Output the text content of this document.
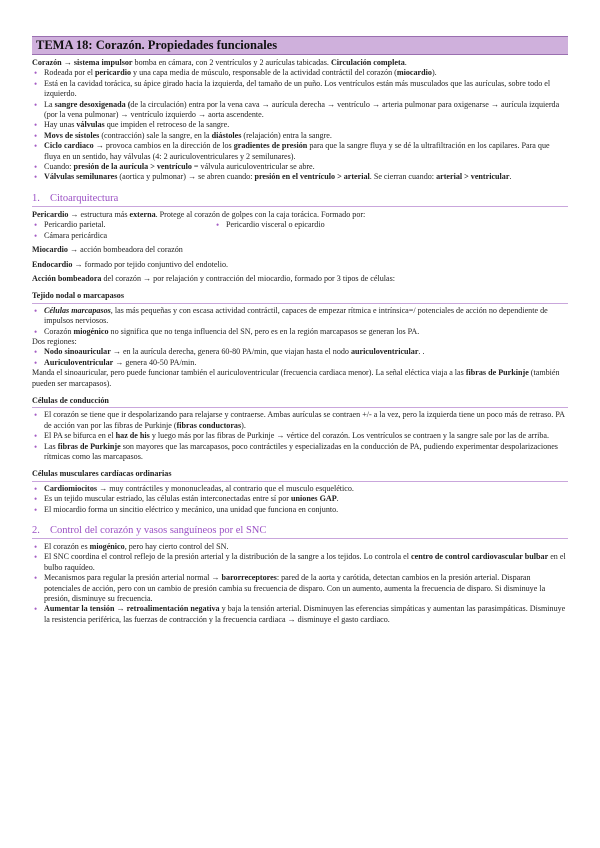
TEMA 18: Corazón. Propiedades funcionales

Corazón → sistema impulsor bomba en cámara, con 2 ventrículos y 2 aurículas tabicadas. Circulación completa.

• Rodeada por el pericardio y una capa media de músculo, responsable de la actividad contráctil del corazón (miocardio).
• Está en la cavidad torácica, su ápice girado hacia la izquierda, del tamaño de un puño. Los ventrículos están más musculados que las aurículas, sobre todo el izquierdo.
• La sangre desoxigenada (de la circulación) entra por la vena cava → aurícula derecha → ventrículo → arteria pulmonar para oxigenarse → aurícula izquierda (por la vena pulmonar) → ventrículo izquierdo → aorta ascendente.
• Hay unas válvulas que impiden el retroceso de la sangre.
• Movs de sístoles (contracción) sale la sangre, en la diástoles (relajación) entra la sangre.
• Ciclo cardiaco → provoca cambios en la dirección de los gradientes de presión para que la sangre fluya y se dé la ultrafiltración en los capilares. Para que fluya en un sentido, hay válvulas (4: 2 auriculoventriculares y 2 semilunares).
• Cuando: presión de la aurícula > ventrículo = válvula auriculoventricular se abre.
• Válvulas semilunares (aortica y pulmonar) → se abren cuando: presión en el ventrículo > arterial. Se cierran cuando: arterial > ventricular.
1. Citoarquitectura

Pericardio → estructura más externa. Protege al corazón de golpes con la caja torácica. Formado por:

• Pericardio parietal.
•	Pericardio visceral o epicardio
• Cámara pericárdica

Miocardio → acción bombeadora del corazón

Endocardio → formado por tejido conjuntivo del endotelio.

Acción bombeadora del corazón → por relajación y contracción del miocardio, formado por 3 tipos de células:

Tejido nodal o marcapasos
• Células marcapasos, las más pequeñas y con escasa actividad contráctil, capaces de empezar rítmica e intrínsica=/ potenciales de acción no dependiente de impulsos nerviosos.
• Corazón miogénico no significa que no tenga influencia del SN, pero es en la región marcapasos se generan los PA.

Dos regiones:

• Nodo sinoauricular → en la aurícula derecha, genera 60-80 PA/min, que viajan hasta el nodo auriculoventricular. .
• Auriculoventricular → genera 40-50 PA/min.

Manda el sinoauricular, pero puede funcionar también el auriculoventricular (frecuencia cardiaca menor). La señal eléctica viaja a las fibras de Purkinje (también pueden ser marcapasos).

Células de conducción
• El corazón se tiene que ir despolarizando para relajarse y contraerse. Ambas aurículas se contraen +/- a la vez, pero la izquierda tiene un poco más de retraso. PA de acción van por las fibras de Purkinje (fibras conductoras).
• El PA se bifurca en el haz de his y luego más por las fibras de Purkinje → vértice del corazón. Los ventrículos se contraen y la sangre sale por las de arriba.
• Las fibras de Purkinje son mayores que las marcapasos, poco contráctiles y especializadas en la conducción de PA, pudiendo experimentar despolarizaciones rítmicas como las marcapasos.
Células musculares cardíacas ordinarias
• Cardiomiocitos → muy contráctiles y mononucleadas, al contrario que el musculo esquelético.
• Es un tejido muscular estriado, las células están interconectadas entre sí por uniones GAP.
• El miocardio forma un sincitio eléctrico y mecánico, una unidad que funciona en conjunto.
2. Control del corazón y vasos sanguíneos por el SNC
• El corazón es miogénico, pero hay cierto control del SN.
• El SNC coordina el control reflejo de la presión arterial y la distribución de la sangre a los tejidos. Lo controla el centro de control cardiovascular bulbar en el bulbo raquídeo.
• Mecanismos para regular la presión arterial normal → barorreceptores: pared de la aorta y carótida, detectan cambios en la presión arterial. Disparan potenciales de acción, pero con un cambio de presión cambia su frecuencia de disparo. Con un aumento, aumenta la frecuencia de disparo. Si disminuye la presión, disminuye su frecuencia.
• Aumentar la tensión → retroalimentación negativa y baja la tensión arterial. Disminuyen las eferencias simpáticas y aumentan las parasimpáticas. Disminuye la resistencia periférica, las fuerzas de contracción y la frecuencia cardiaca → disminuye el gasto cardiaco.
